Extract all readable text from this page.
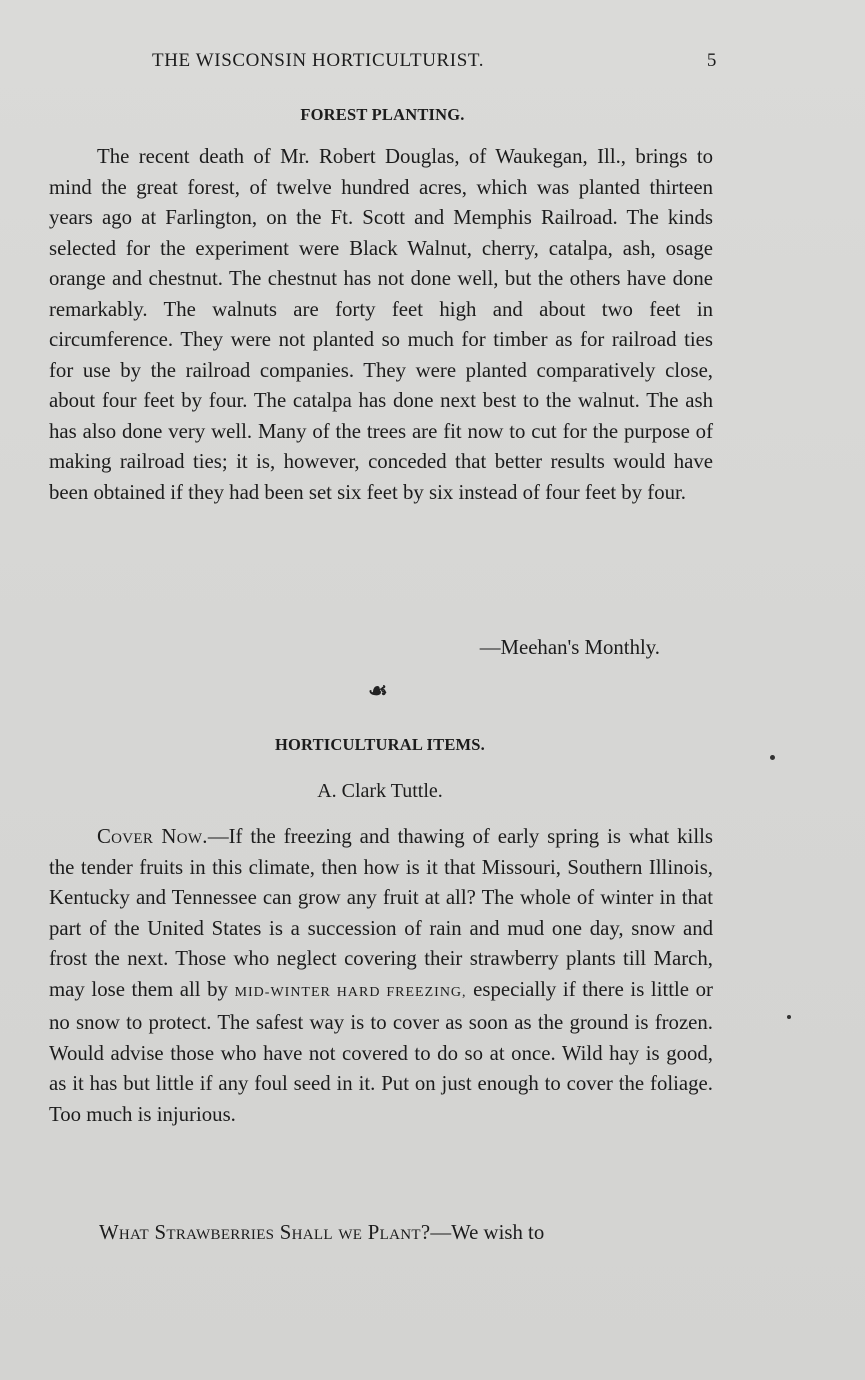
THE WISCONSIN HORTICULTURIST.	5
FOREST PLANTING.

The recent death of Mr. Robert Douglas, of Waukegan, Ill., brings to mind the great forest, of twelve hundred acres, which was planted thirteen years ago at Farlington, on the Ft. Scott and Memphis Railroad. The kinds selected for the experiment were Black Walnut, cherry, catalpa, ash, osage orange and chestnut. The chestnut has not done well, but the others have done remarkably. The walnuts are forty feet high and about two feet in circumference. They were not planted so much for timber as for railroad ties for use by the railroad companies. They were planted comparatively close, about four feet by four. The catalpa has done next best to the walnut. The ash has also done very well. Many of the trees are fit now to cut for the purpose of making railroad ties; it is, however, conceded that better results would have been obtained if they had been set six feet by six instead of four feet by four.

—Meehan's Monthly.
☙
HORTICULTURAL ITEMS.
A. Clark Tuttle.

Cover Now.—If the freezing and thawing of early spring is what kills the tender fruits in this climate, then how is it that Missouri, Southern Illinois, Kentucky and Tennessee can grow any fruit at all? The whole of winter in that part of the United States is a succession of rain and mud one day, snow and frost the next. Those who neglect covering their strawberry plants till March, may lose them all by MID-WINTER HARD FREEZING, especially if there is little or no snow to protect. The safest way is to cover as soon as the ground is frozen. Would advise those who have not covered to do so at once. Wild hay is good, as it has but little if any foul seed in it. Put on just enough to cover the foliage. Too much is injurious.

What Strawberries Shall we Plant?—We wish to
